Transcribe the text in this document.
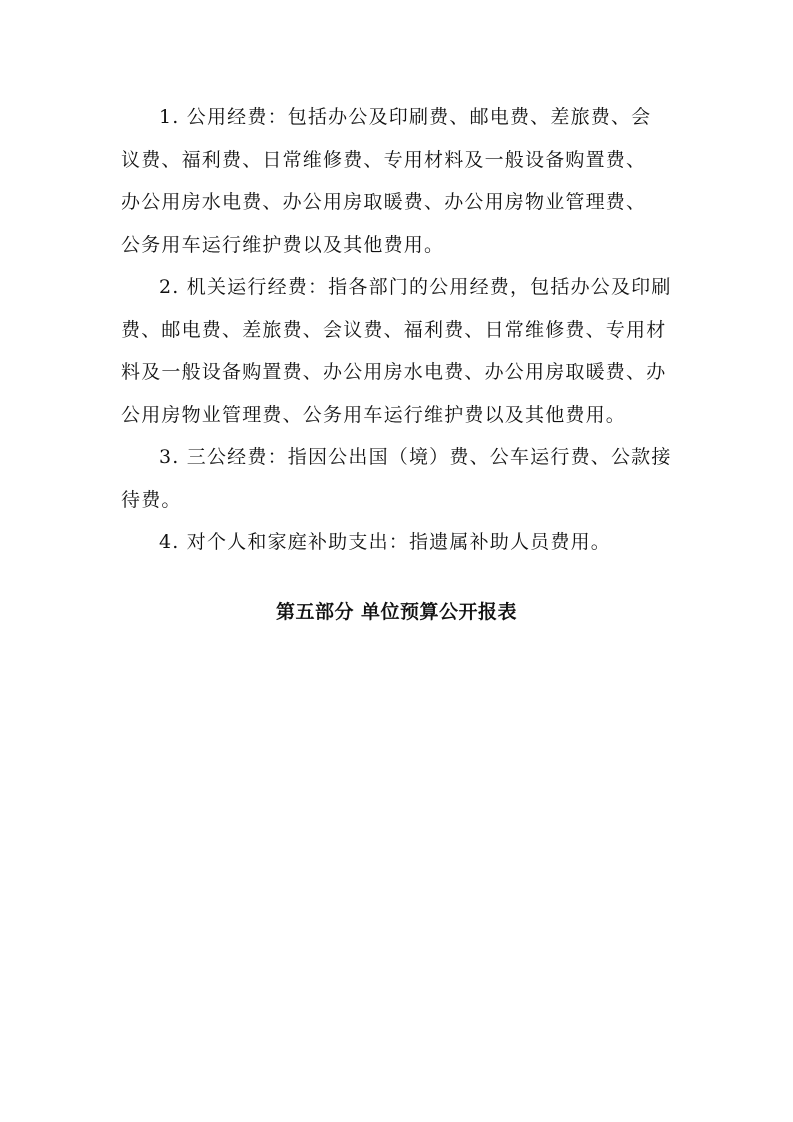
1. 公用经费：包括办公及印刷费、邮电费、差旅费、会
议费、福利费、日常维修费、专用材料及一般设备购置费、
办公用房水电费、办公用房取暖费、办公用房物业管理费、
公务用车运行维护费以及其他费用。

2. 机关运行经费：指各部门的公用经费，包括办公及印刷
费、邮电费、差旅费、会议费、福利费、日常维修费、专用材
料及一般设备购置费、办公用房水电费、办公用房取暖费、办
公用房物业管理费、公务用车运行维护费以及其他费用。

3. 三公经费：指因公出国（境）费、公车运行费、公款接
待费。

4. 对个人和家庭补助支出：指遗属补助人员费用。

第五部分 单位预算公开报表
